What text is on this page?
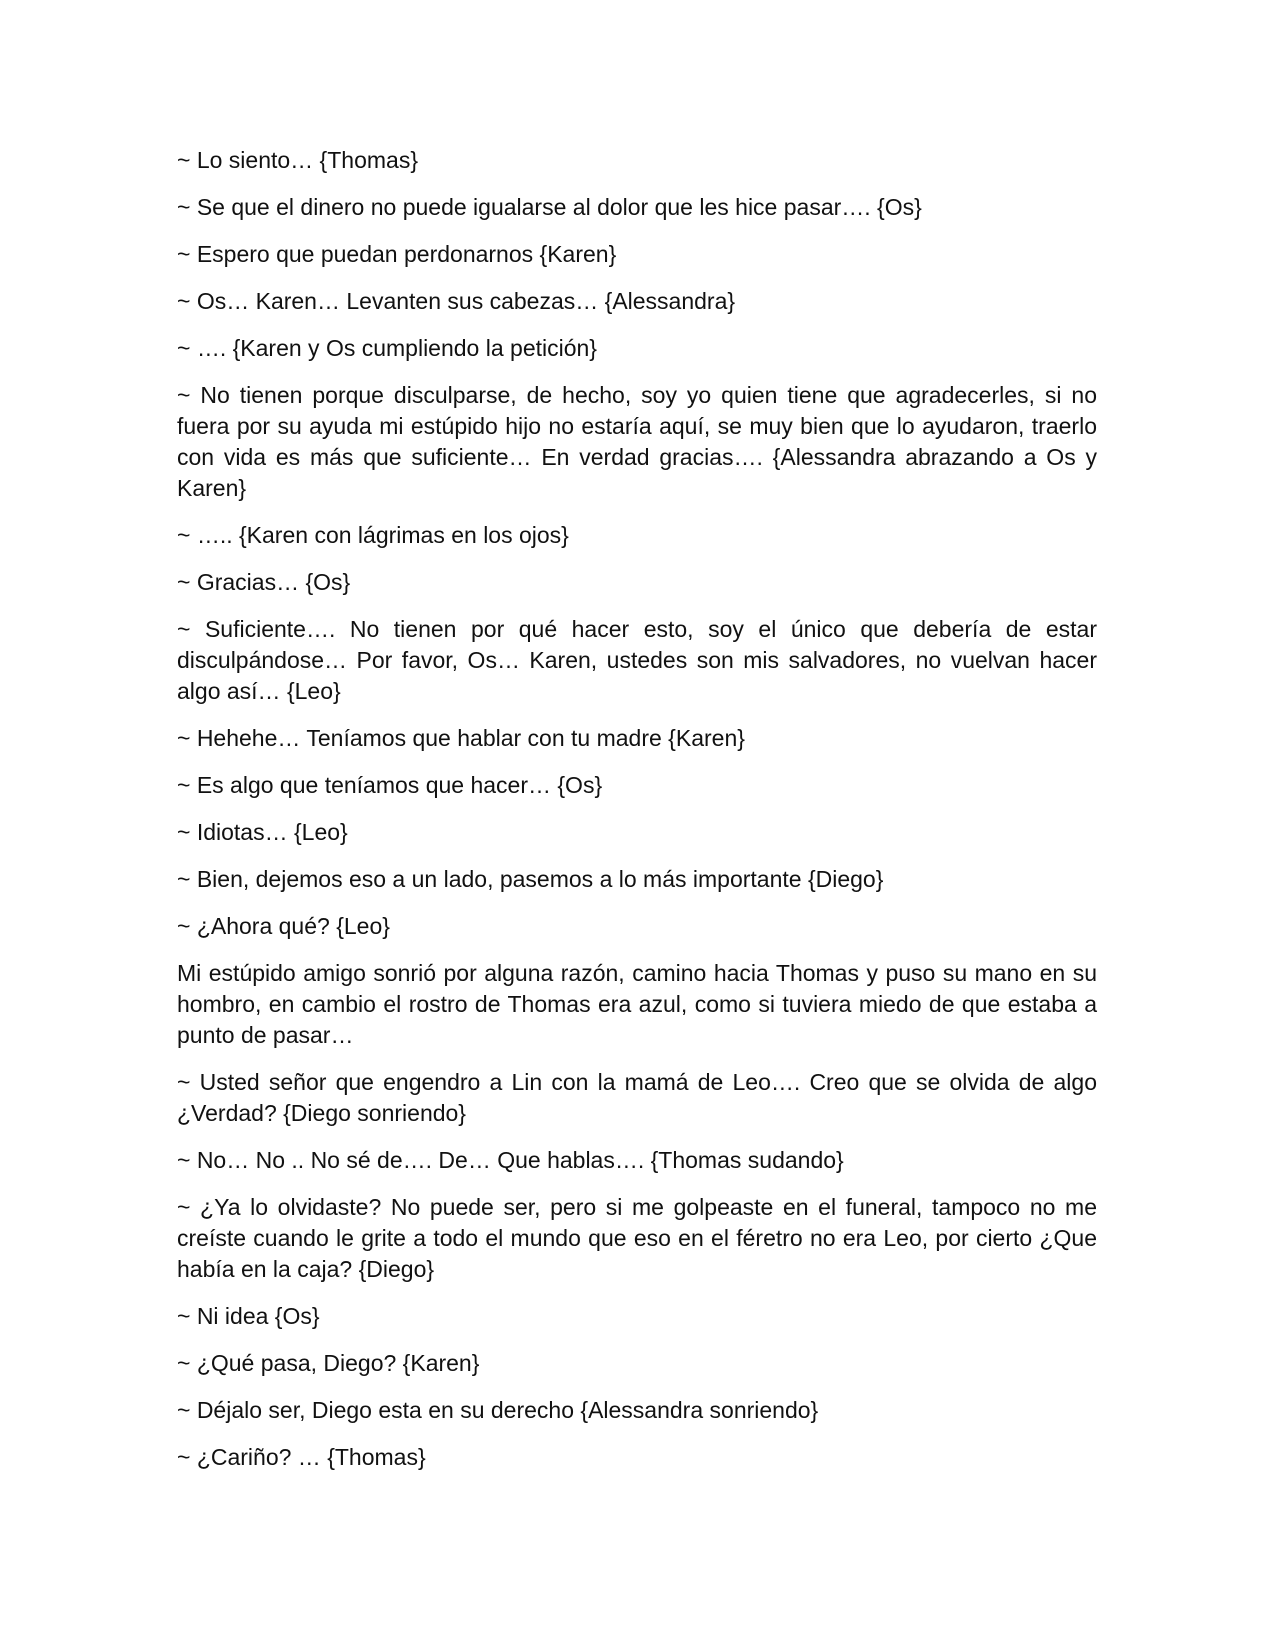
~ Lo siento… {Thomas}

~ Se que el dinero no puede igualarse al dolor que les hice pasar…. {Os}

~ Espero que puedan perdonarnos {Karen}

~ Os… Karen… Levanten sus cabezas… {Alessandra}

~ …. {Karen y Os cumpliendo la petición}

~ No tienen porque disculparse, de hecho, soy yo quien tiene que agradecerles, si no fuera por su ayuda mi estúpido hijo no estaría aquí, se muy bien que lo ayudaron, traerlo con vida es más que suficiente… En verdad gracias…. {Alessandra abrazando a Os y Karen}

~ ….. {Karen con lágrimas en los ojos}

~ Gracias… {Os}

~ Suficiente…. No tienen por qué hacer esto, soy el único que debería de estar disculpándose… Por favor, Os… Karen, ustedes son mis salvadores, no vuelvan hacer algo así… {Leo}

~ Hehehe… Teníamos que hablar con tu madre {Karen}

~ Es algo que teníamos que hacer… {Os}

~ Idiotas… {Leo}

~ Bien, dejemos eso a un lado, pasemos a lo más importante {Diego}

~ ¿Ahora qué? {Leo}

Mi estúpido amigo sonrió por alguna razón, camino hacia Thomas y puso su mano en su hombro, en cambio el rostro de Thomas era azul, como si tuviera miedo de que estaba a punto de pasar…

~ Usted señor que engendro a Lin con la mamá de Leo…. Creo que se olvida de algo ¿Verdad? {Diego sonriendo}

~ No… No .. No sé de…. De… Que hablas…. {Thomas sudando}

~ ¿Ya lo olvidaste? No puede ser, pero si me golpeaste en el funeral, tampoco no me creíste cuando le grite a todo el mundo que eso en el féretro no era Leo, por cierto ¿Que había en la caja? {Diego}

~ Ni idea {Os}

~ ¿Qué pasa, Diego? {Karen}

~ Déjalo ser, Diego esta en su derecho {Alessandra sonriendo}

~ ¿Cariño? … {Thomas}
